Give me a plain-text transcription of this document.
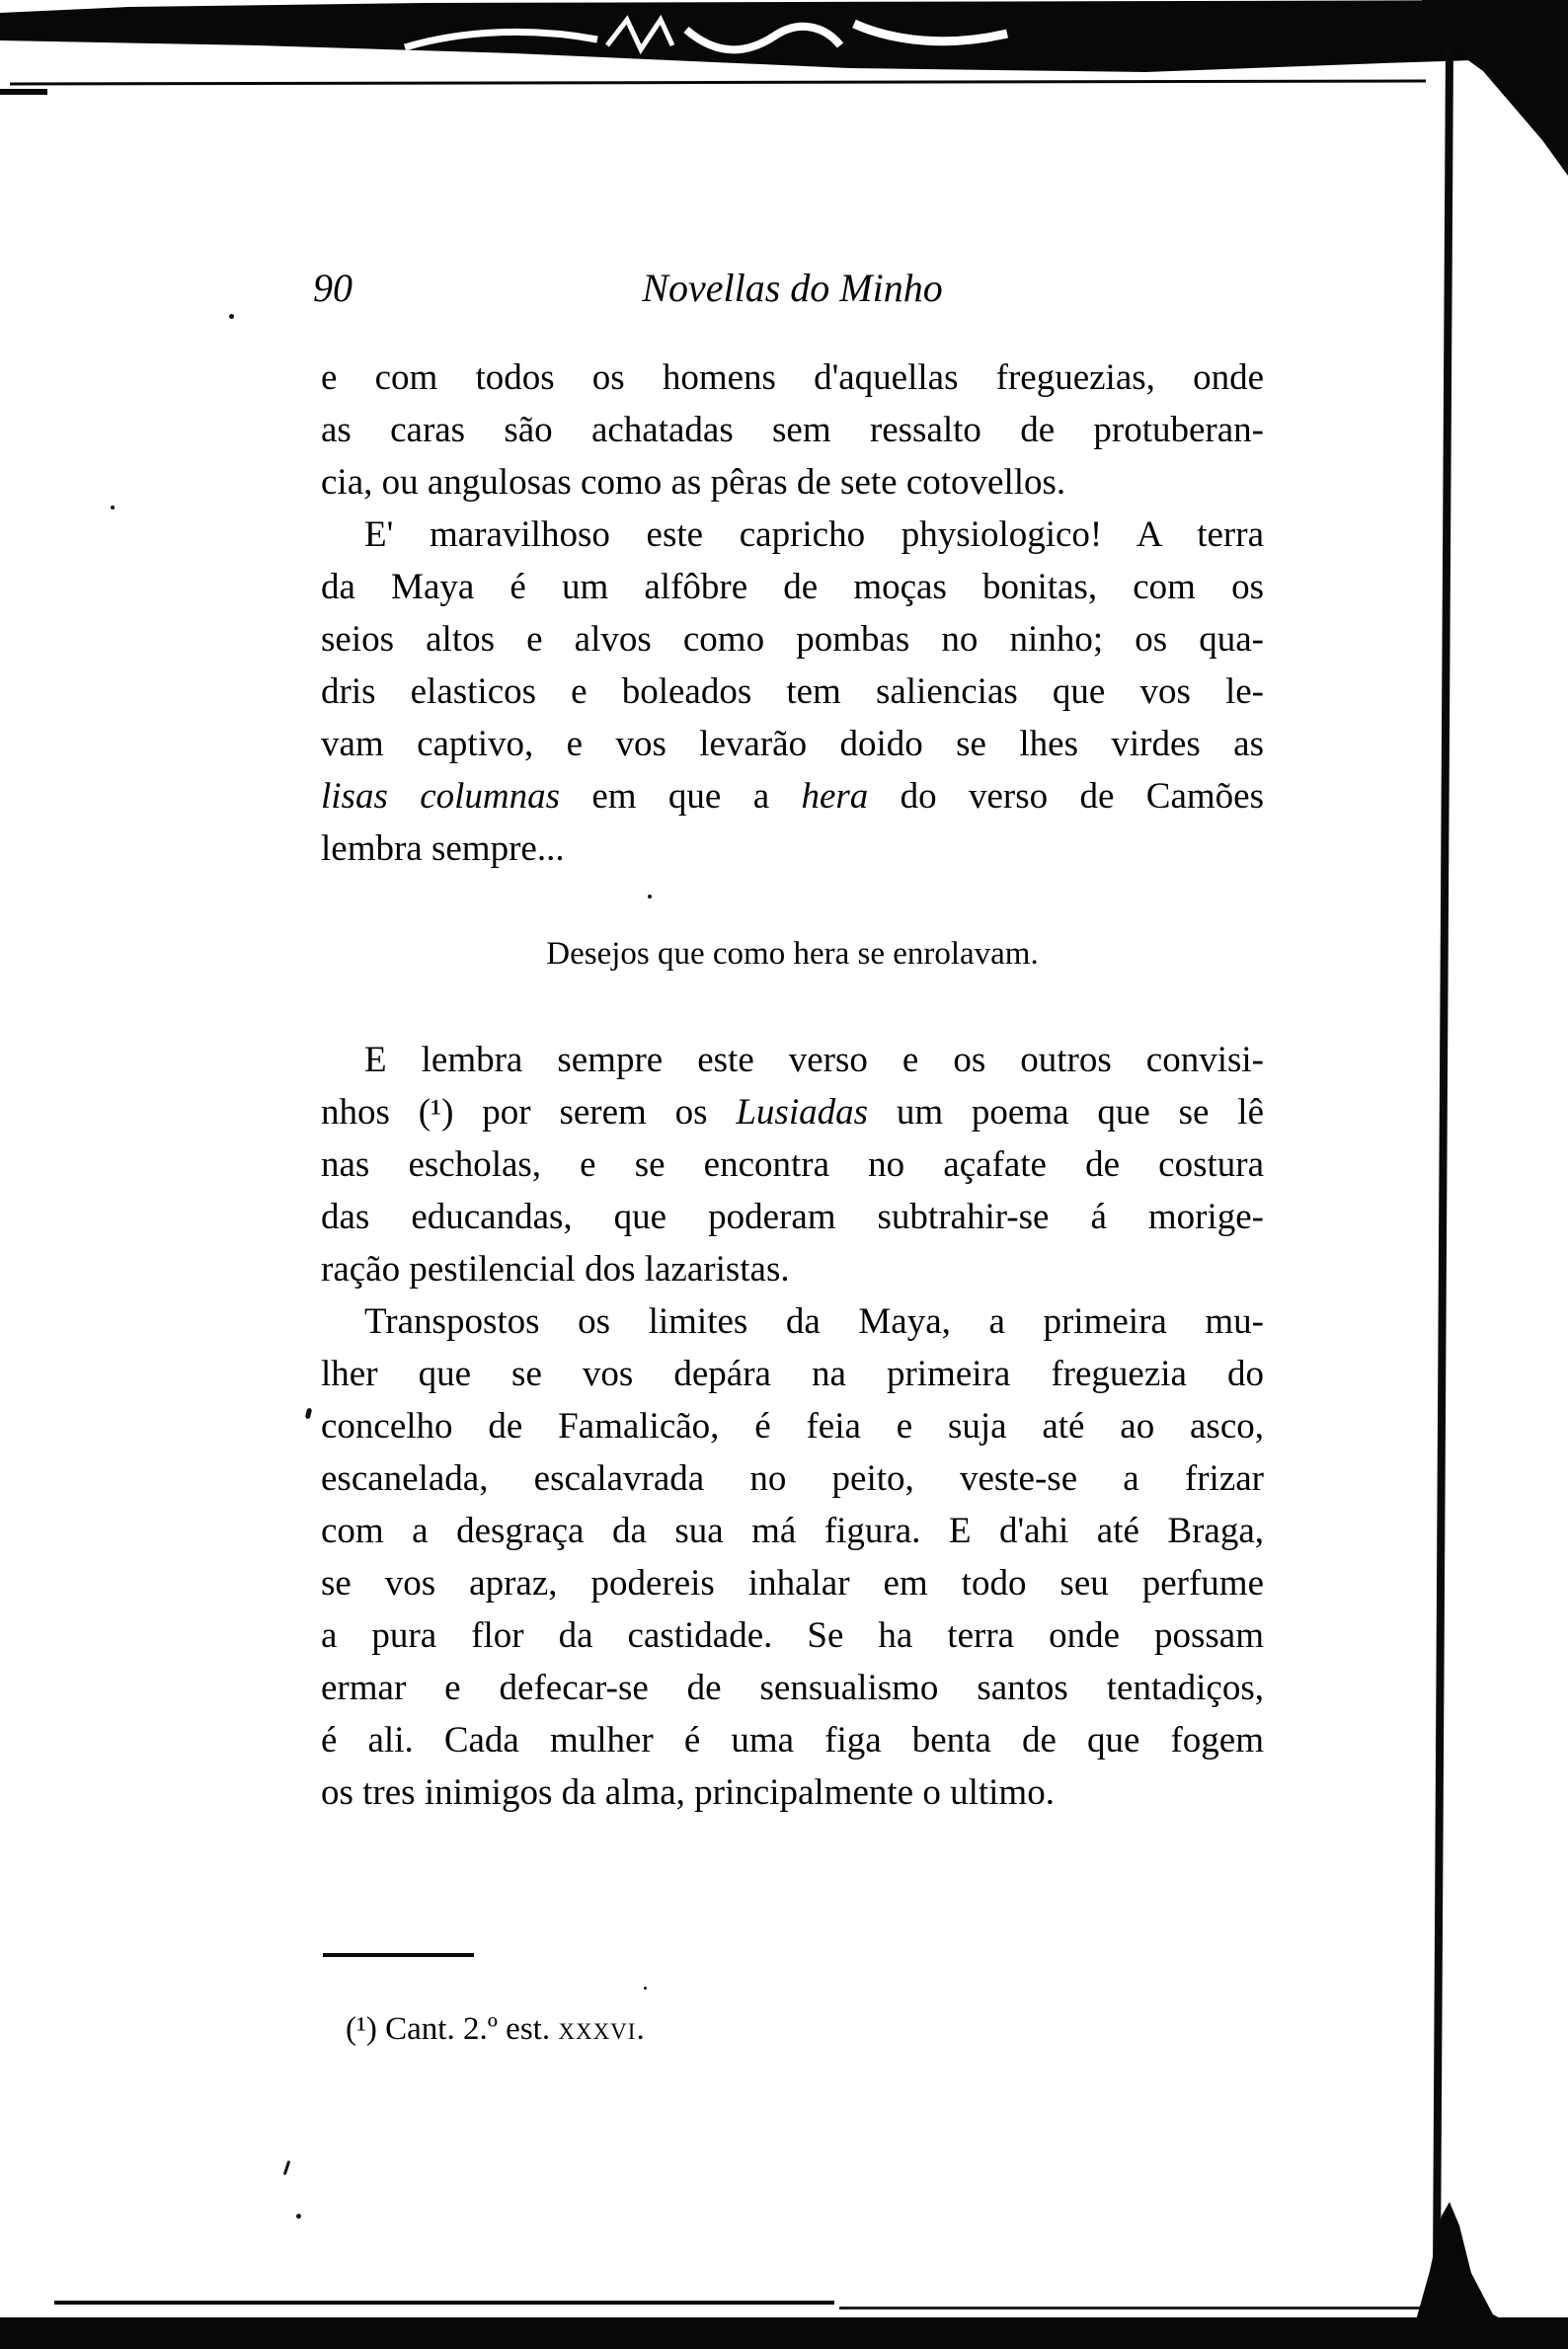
90	Novellas do Minho
e com todos os homens d'aquellas freguezias, onde
as caras são achatadas sem ressalto de protuberan-
cia, ou angulosas como as pêras de sete cotovellos.
E' maravilhoso este capricho physiologico! A terra
da Maya é um alfôbre de moças bonitas, com os
seios altos e alvos como pombas no ninho; os qua-
dris elasticos e boleados tem saliencias que vos le-
vam captivo, e vos levarão doido se lhes virdes as
lisas columnas em que a hera do verso de Camões
lembra sempre...
Desejos que como hera se enrolavam.
E lembra sempre este verso e os outros convisi-
nhos (¹) por serem os Lusiadas um poema que se lê
nas escholas, e se encontra no açafate de costura
das educandas, que poderam subtrahir-se á morige-
ração pestilencial dos lazaristas.
Transpostos os limites da Maya, a primeira mu-
lher que se vos depára na primeira freguezia do
concelho de Famalicão, é feia e suja até ao asco,
escanelada, escalavrada no peito, veste-se a frizar
com a desgraça da sua má figura. E d'ahi até Braga,
se vos apraz, podereis inhalar em todo seu perfume
a pura flor da castidade. Se ha terra onde possam
ermar e defecar-se de sensualismo santos tentadiços,
é ali. Cada mulher é uma figa benta de que fogem
os tres inimigos da alma, principalmente o ultimo.
(¹) Cant. 2.º est. xxxvi.
